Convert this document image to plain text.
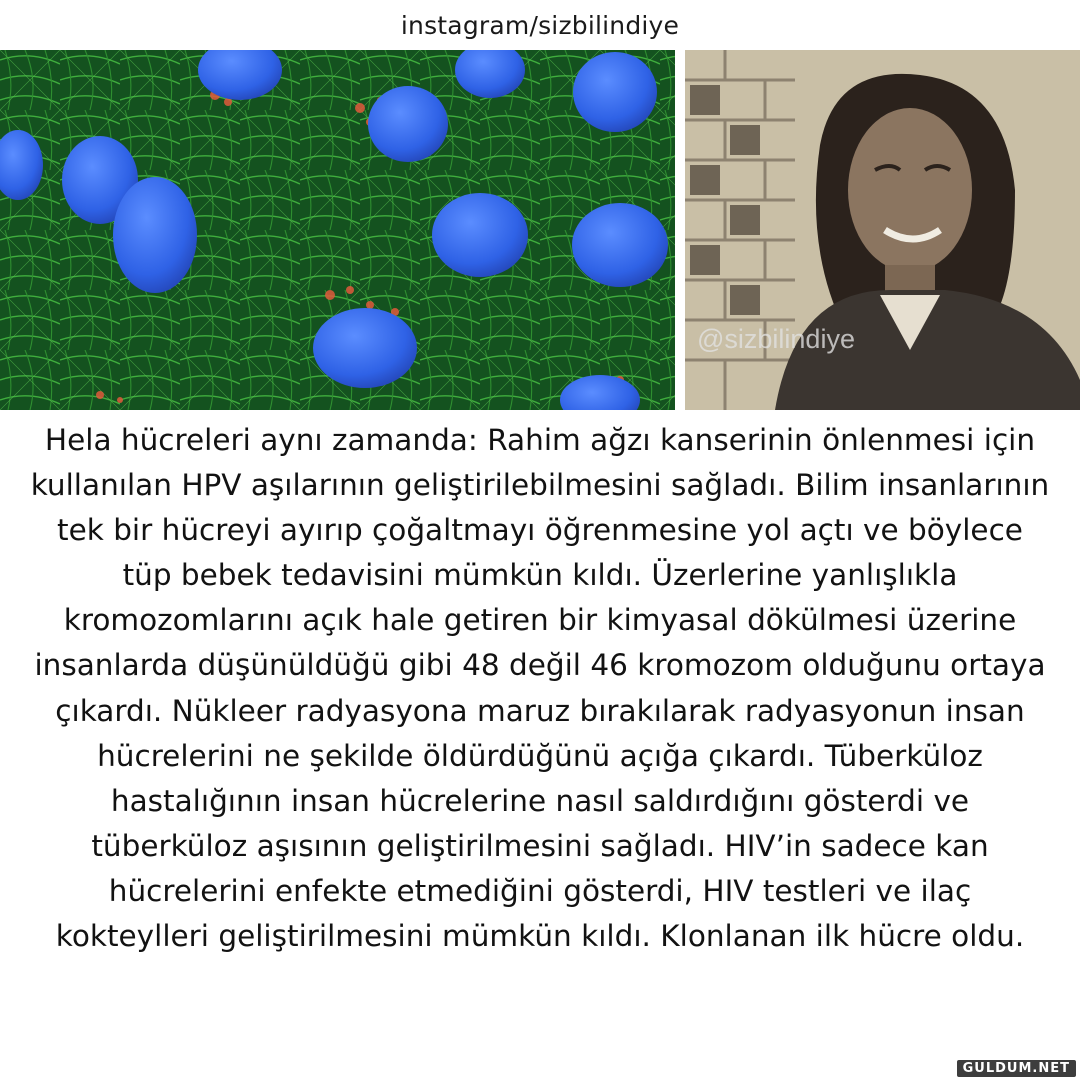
instagram/sizbilindiye
@sizbilindiye

Hela hücreleri aynı zamanda: Rahim ağzı kanserinin önlenmesi için kullanılan HPV aşılarının geliştirilebilmesini sağladı. Bilim insanlarının tek bir hücreyi ayırıp çoğaltmayı öğrenmesine yol açtı ve böylece tüp bebek tedavisini mümkün kıldı. Üzerlerine yanlışlıkla kromozomlarını açık hale getiren bir kimyasal dökülmesi üzerine insanlarda düşünüldüğü gibi 48 değil 46 kromozom olduğunu ortaya çıkardı. Nükleer radyasyona maruz bırakılarak radyasyonun insan hücrelerini ne şekilde öldürdüğünü açığa çıkardı. Tüberküloz hastalığının insan hücrelerine nasıl saldırdığını gösterdi ve tüberküloz aşısının geliştirilmesini sağladı. HIV’in sadece kan hücrelerini enfekte etmediğini gösterdi, HIV testleri ve ilaç kokteylleri geliştirilmesini mümkün kıldı. Klonlanan ilk hücre oldu.

GULDUM.NET
